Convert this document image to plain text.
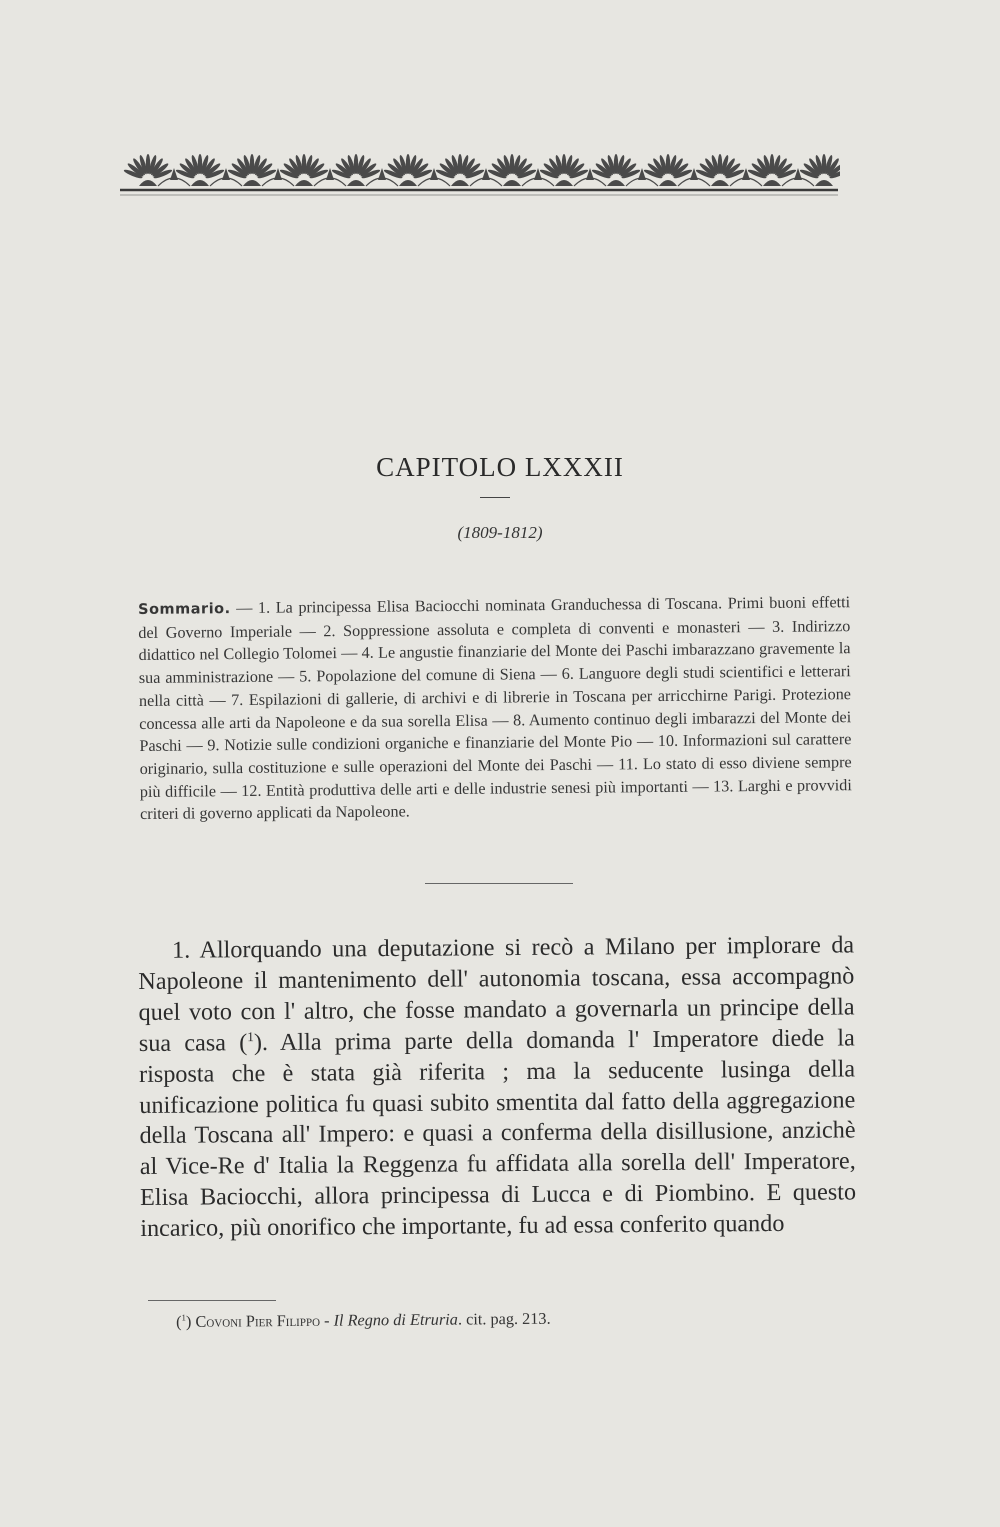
CAPITOLO LXXXII
(1809-1812)
Sommario. — 1. La principessa Elisa Baciocchi nominata Granduchessa di Toscana. Primi buoni effetti del Governo Imperiale — 2. Soppressione assoluta e completa di conventi e monasteri — 3. Indirizzo didattico nel Collegio Tolomei — 4. Le angustie finanziarie del Monte dei Paschi imbarazzano gravemente la sua amministrazione — 5. Popolazione del comune di Siena — 6. Languore degli studi scientifici e letterari nella città — 7. Espilazioni di gallerie, di archivi e di librerie in Toscana per arricchirne Parigi. Protezione concessa alle arti da Napoleone e da sua sorella Elisa — 8. Aumento continuo degli imbarazzi del Monte dei Paschi — 9. Notizie sulle condizioni organiche e finanziarie del Monte Pio — 10. Informazioni sul carattere originario, sulla costituzione e sulle operazioni del Monte dei Paschi — 11. Lo stato di esso diviene sempre più difficile — 12. Entità produttiva delle arti e delle industrie senesi più importanti — 13. Larghi e provvidi criteri di governo applicati da Napoleone.
1. Allorquando una deputazione si recò a Milano per implorare da Napoleone il mantenimento dell' autonomia toscana, essa accompagnò quel voto con l' altro, che fosse mandato a governarla un principe della sua casa ($^1$). Alla prima parte della domanda l' Imperatore diede la risposta che è stata già riferita ; ma la seducente lusinga della unificazione politica fu quasi subito smentita dal fatto della aggregazione della Toscana all' Impero: e quasi a conferma della disillusione, anzichè al Vice-Re d' Italia la Reggenza fu affidata alla sorella dell' Imperatore, Elisa Baciocchi, allora principessa di Lucca e di Piombino. E questo incarico, più onorifico che importante, fu ad essa conferito quando
($^1$) Covoni Pier Filippo - Il Regno di Etruria. cit. pag. 213.
